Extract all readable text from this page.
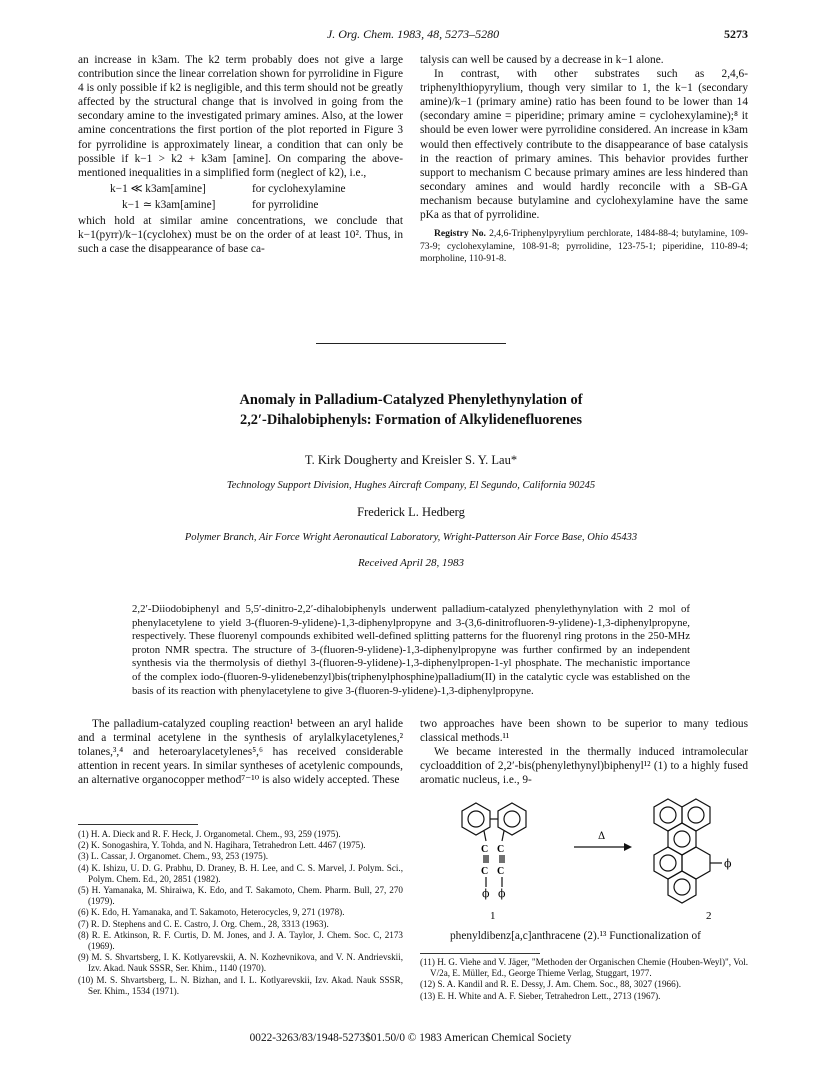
J. Org. Chem. 1983, 48, 5273–5280	5273

an increase in k3am. The k2 term probably does not give a large contribution since the linear correlation shown for pyrrolidine in Figure 4 is only possible if k2 is negligible, and this term should not be greatly affected by the structural change that is involved in going from the secondary amine to the investigated primary amines. Also, at the lower amine concentrations the first portion of the plot reported in Figure 3 for pyrrolidine is approximately linear, a condition that can only be possible if k−1 > k2 + k3am [amine]. On comparing the above-mentioned inequalities in a simplified form (neglect of k2), i.e.,

k−1 ≪ k3am[amine]	for cyclohexylamine
k−1 ≃ k3am[amine]	for pyrrolidine

which hold at similar amine concentrations, we conclude that k−1(pyrr)/k−1(cyclohex) must be on the order of at least 10². Thus, in such a case the disappearance of base ca-

talysis can well be caused by a decrease in k−1 alone.

In contrast, with other substrates such as 2,4,6-triphenylthiopyrylium, though very similar to 1, the k−1 (secondary amine)/k−1 (primary amine) ratio has been found to be lower than 14 (secondary amine = piperidine; primary amine = cyclohexylamine);⁸ it should be even lower were pyrrolidine considered. An increase in k3am would then effectively contribute to the disappearance of base catalysis in the reaction of primary amines. This behavior provides further support to mechanism C because primary amines are less hindered than secondary amines and would hardly reconcile with a SB-GA mechanism because butylamine and cyclohexylamine have the same pKa as that of pyrrolidine.

Registry No. 2,4,6-Triphenylpyrylium perchlorate, 1484-88-4; butylamine, 109-73-9; cyclohexylamine, 108-91-8; pyrrolidine, 123-75-1; piperidine, 110-89-4; morpholine, 110-91-8.

Anomaly in Palladium-Catalyzed Phenylethynylation of
2,2′-Dihalobiphenyls: Formation of Alkylidenefluorenes
T. Kirk Dougherty and Kreisler S. Y. Lau*
Technology Support Division, Hughes Aircraft Company, El Segundo, California 90245
Frederick L. Hedberg
Polymer Branch, Air Force Wright Aeronautical Laboratory, Wright-Patterson Air Force Base, Ohio 45433
Received April 28, 1983
2,2′-Diiodobiphenyl and 5,5′-dinitro-2,2′-dihalobiphenyls underwent palladium-catalyzed phenylethynylation with 2 mol of phenylacetylene to yield 3-(fluoren-9-ylidene)-1,3-diphenylpropyne and 3-(3,6-dinitrofluoren-9-ylidene)-1,3-diphenylpropyne, respectively. These fluorenyl compounds exhibited well-defined splitting patterns for the fluorenyl ring protons in the 250-MHz proton NMR spectra. The structure of 3-(fluoren-9-ylidene)-1,3-diphenylpropyne was further confirmed by an independent synthesis via the thermolysis of diethyl 3-(fluoren-9-ylidene)-1,3-diphenylpropen-1-yl phosphate. The mechanistic importance of the complex iodo-(fluoren-9-ylidenebenzyl)bis(triphenylphosphine)palladium(II) in the catalytic cycle was established on the basis of its reaction with phenylacetylene to give 3-(fluoren-9-ylidene)-1,3-diphenylpropyne.

The palladium-catalyzed coupling reaction¹ between an aryl halide and a terminal acetylene in the synthesis of arylalkylacetylenes,² tolanes,³,⁴ and heteroarylacetylenes⁵,⁶ has received considerable attention in recent years. In similar syntheses of acetylenic compounds, an alternative organocopper method⁷⁻¹⁰ is also widely accepted. These

two approaches have been shown to be superior to many tedious classical methods.¹¹

We became interested in the thermally induced intramolecular cycloaddition of 2,2′-bis(phenylethynyl)biphenyl¹² (1) to a highly fused aromatic nucleus, i.e., 9-

C C
C C
ϕ ϕ
1
Δ
ϕ
2

phenyldibenz[a,c]anthracene (2).¹³ Functionalization of

(1) H. A. Dieck and R. F. Heck, J. Organometal. Chem., 93, 259 (1975).

(2) K. Sonogashira, Y. Tohda, and N. Hagihara, Tetrahedron Lett. 4467 (1975).

(3) L. Cassar, J. Organomet. Chem., 93, 253 (1975).

(4) K. Ishizu, U. D. G. Prabhu, D. Draney, B. H. Lee, and C. S. Marvel, J. Polym. Sci., Polym. Chem. Ed., 20, 2851 (1982).

(5) H. Yamanaka, M. Shiraiwa, K. Edo, and T. Sakamoto, Chem. Pharm. Bull, 27, 270 (1979).

(6) K. Edo, H. Yamanaka, and T. Sakamoto, Heterocycles, 9, 271 (1978).

(7) R. D. Stephens and C. E. Castro, J. Org. Chem., 28, 3313 (1963).

(8) R. E. Atkinson, R. F. Curtis, D. M. Jones, and J. A. Taylor, J. Chem. Soc. C, 2173 (1969).

(9) M. S. Shvartsberg, I. K. Kotlyarevskii, A. N. Kozhevnikova, and V. N. Andrievskii, Izv. Akad. Nauk SSSR, Ser. Khim., 1140 (1970).

(10) M. S. Shvartsberg, L. N. Bizhan, and I. L. Kotlyarevskii, Izv. Akad. Nauk SSSR, Ser. Khim., 1534 (1971).

(11) H. G. Viehe and V. Jäger, "Methoden der Organischen Chemie (Houben-Weyl)", Vol. V/2a, E. Müller, Ed., George Thieme Verlag, Stuggart, 1977.

(12) S. A. Kandil and R. E. Dessy, J. Am. Chem. Soc., 88, 3027 (1966).

(13) E. H. White and A. F. Sieber, Tetrahedron Lett., 2713 (1967).

0022-3263/83/1948-5273$01.50/0 © 1983 American Chemical Society
